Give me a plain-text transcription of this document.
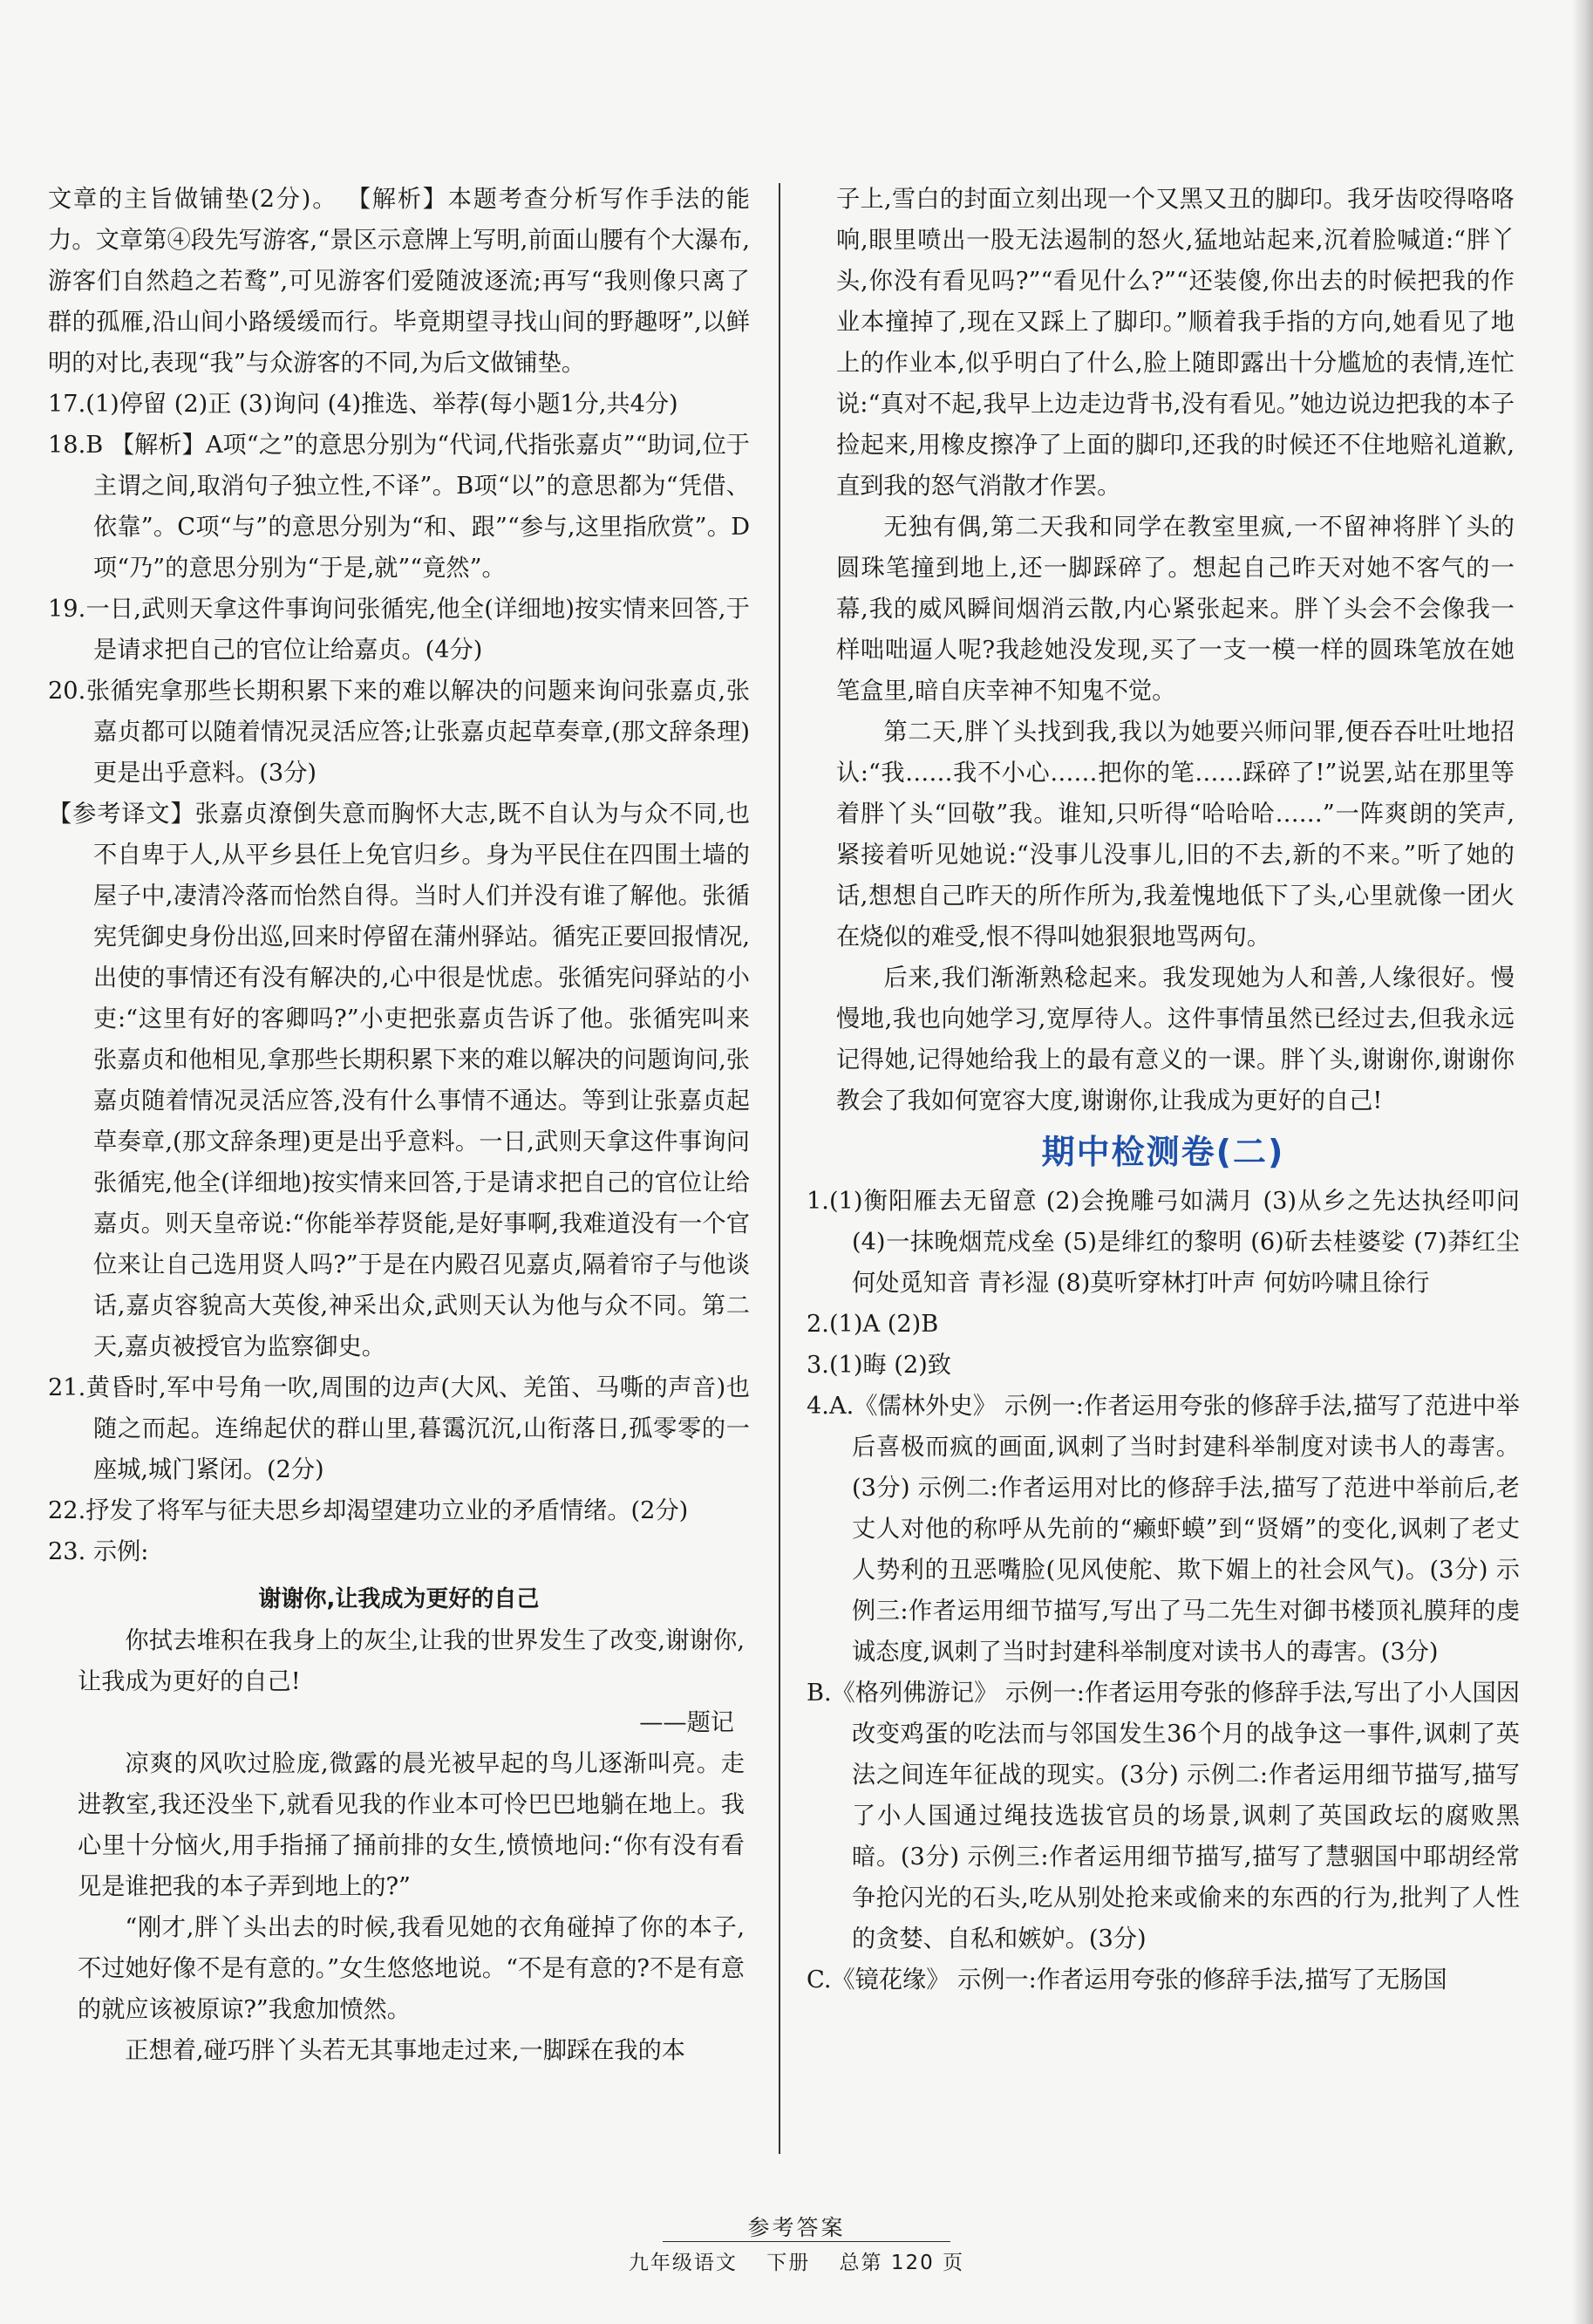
文章的主旨做铺垫(2分)。 【解析】本题考查分析写作手法的能力。文章第④段先写游客,“景区示意牌上写明,前面山腰有个大瀑布,游客们自然趋之若鹜”,可见游客们爱随波逐流;再写“我则像只离了群的孤雁,沿山间小路缓缓而行。毕竟期望寻找山间的野趣呀”,以鲜明的对比,表现“我”与众游客的不同,为后文做铺垫。
17.(1)停留 (2)正 (3)询问 (4)推选、举荐(每小题1分,共4分)
18.B 【解析】A项“之”的意思分别为“代词,代指张嘉贞”“助词,位于主谓之间,取消句子独立性,不译”。B项“以”的意思都为“凭借、依靠”。C项“与”的意思分别为“和、跟”“参与,这里指欣赏”。D项“乃”的意思分别为“于是,就”“竟然”。
19.一日,武则天拿这件事询问张循宪,他全(详细地)按实情来回答,于是请求把自己的官位让给嘉贞。(4分)
20.张循宪拿那些长期积累下来的难以解决的问题来询问张嘉贞,张嘉贞都可以随着情况灵活应答;让张嘉贞起草奏章,(那文辞条理)更是出乎意料。(3分)
【参考译文】张嘉贞潦倒失意而胸怀大志,既不自认为与众不同,也不自卑于人,从平乡县任上免官归乡。身为平民住在四围土墙的屋子中,凄清冷落而怡然自得。当时人们并没有谁了解他。张循宪凭御史身份出巡,回来时停留在蒲州驿站。循宪正要回报情况,出使的事情还有没有解决的,心中很是忧虑。张循宪问驿站的小吏:“这里有好的客卿吗?”小吏把张嘉贞告诉了他。张循宪叫来张嘉贞和他相见,拿那些长期积累下来的难以解决的问题询问,张嘉贞随着情况灵活应答,没有什么事情不通达。等到让张嘉贞起草奏章,(那文辞条理)更是出乎意料。一日,武则天拿这件事询问张循宪,他全(详细地)按实情来回答,于是请求把自己的官位让给嘉贞。则天皇帝说:“你能举荐贤能,是好事啊,我难道没有一个官位来让自己选用贤人吗?”于是在内殿召见嘉贞,隔着帘子与他谈话,嘉贞容貌高大英俊,神采出众,武则天认为他与众不同。第二天,嘉贞被授官为监察御史。
21.黄昏时,军中号角一吹,周围的边声(大风、羌笛、马嘶的声音)也随之而起。连绵起伏的群山里,暮霭沉沉,山衔落日,孤零零的一座城,城门紧闭。(2分)
22.抒发了将军与征夫思乡却渴望建功立业的矛盾情绪。(2分)
23. 示例:
谢谢你,让我成为更好的自己
你拭去堆积在我身上的灰尘,让我的世界发生了改变,谢谢你,让我成为更好的自己!
——题记
凉爽的风吹过脸庞,微露的晨光被早起的鸟儿逐渐叫亮。走进教室,我还没坐下,就看见我的作业本可怜巴巴地躺在地上。我心里十分恼火,用手指捅了捅前排的女生,愤愤地问:“你有没有看见是谁把我的本子弄到地上的?”
“刚才,胖丫头出去的时候,我看见她的衣角碰掉了你的本子,不过她好像不是有意的。”女生悠悠地说。“不是有意的?不是有意的就应该被原谅?”我愈加愤然。
正想着,碰巧胖丫头若无其事地走过来,一脚踩在我的本
子上,雪白的封面立刻出现一个又黑又丑的脚印。我牙齿咬得咯咯响,眼里喷出一股无法遏制的怒火,猛地站起来,沉着脸喊道:“胖丫头,你没有看见吗?”“看见什么?”“还装傻,你出去的时候把我的作业本撞掉了,现在又踩上了脚印。”顺着我手指的方向,她看见了地上的作业本,似乎明白了什么,脸上随即露出十分尴尬的表情,连忙说:“真对不起,我早上边走边背书,没有看见。”她边说边把我的本子捡起来,用橡皮擦净了上面的脚印,还我的时候还不住地赔礼道歉,直到我的怒气消散才作罢。
无独有偶,第二天我和同学在教室里疯,一不留神将胖丫头的圆珠笔撞到地上,还一脚踩碎了。想起自己昨天对她不客气的一幕,我的威风瞬间烟消云散,内心紧张起来。胖丫头会不会像我一样咄咄逼人呢?我趁她没发现,买了一支一模一样的圆珠笔放在她笔盒里,暗自庆幸神不知鬼不觉。
第二天,胖丫头找到我,我以为她要兴师问罪,便吞吞吐吐地招认:“我……我不小心……把你的笔……踩碎了!”说罢,站在那里等着胖丫头“回敬”我。谁知,只听得“哈哈哈……”一阵爽朗的笑声,紧接着听见她说:“没事儿没事儿,旧的不去,新的不来。”听了她的话,想想自己昨天的所作所为,我羞愧地低下了头,心里就像一团火在烧似的难受,恨不得叫她狠狠地骂两句。
后来,我们渐渐熟稔起来。我发现她为人和善,人缘很好。慢慢地,我也向她学习,宽厚待人。这件事情虽然已经过去,但我永远记得她,记得她给我上的最有意义的一课。胖丫头,谢谢你,谢谢你教会了我如何宽容大度,谢谢你,让我成为更好的自己!
期中检测卷(二)
1.(1)衡阳雁去无留意 (2)会挽雕弓如满月 (3)从乡之先达执经叩问 (4)一抹晚烟荒戍垒 (5)是绯红的黎明 (6)斫去桂婆娑 (7)莽红尘何处觅知音 青衫湿 (8)莫听穿林打叶声 何妨吟啸且徐行
2.(1)A (2)B
3.(1)晦 (2)致
4.A.《儒林外史》 示例一:作者运用夸张的修辞手法,描写了范进中举后喜极而疯的画面,讽刺了当时封建科举制度对读书人的毒害。(3分) 示例二:作者运用对比的修辞手法,描写了范进中举前后,老丈人对他的称呼从先前的“癞虾蟆”到“贤婿”的变化,讽刺了老丈人势利的丑恶嘴脸(见风使舵、欺下媚上的社会风气)。(3分) 示例三:作者运用细节描写,写出了马二先生对御书楼顶礼膜拜的虔诚态度,讽刺了当时封建科举制度对读书人的毒害。(3分)
B.《格列佛游记》 示例一:作者运用夸张的修辞手法,写出了小人国因改变鸡蛋的吃法而与邻国发生36个月的战争这一事件,讽刺了英法之间连年征战的现实。(3分) 示例二:作者运用细节描写,描写了小人国通过绳技选拔官员的场景,讽刺了英国政坛的腐败黑暗。(3分) 示例三:作者运用细节描写,描写了慧骃国中耶胡经常争抢闪光的石头,吃从别处抢来或偷来的东西的行为,批判了人性的贪婪、自私和嫉妒。(3分)
C.《镜花缘》 示例一:作者运用夸张的修辞手法,描写了无肠国
参考答案
九年级语文 下册 总第 120 页
